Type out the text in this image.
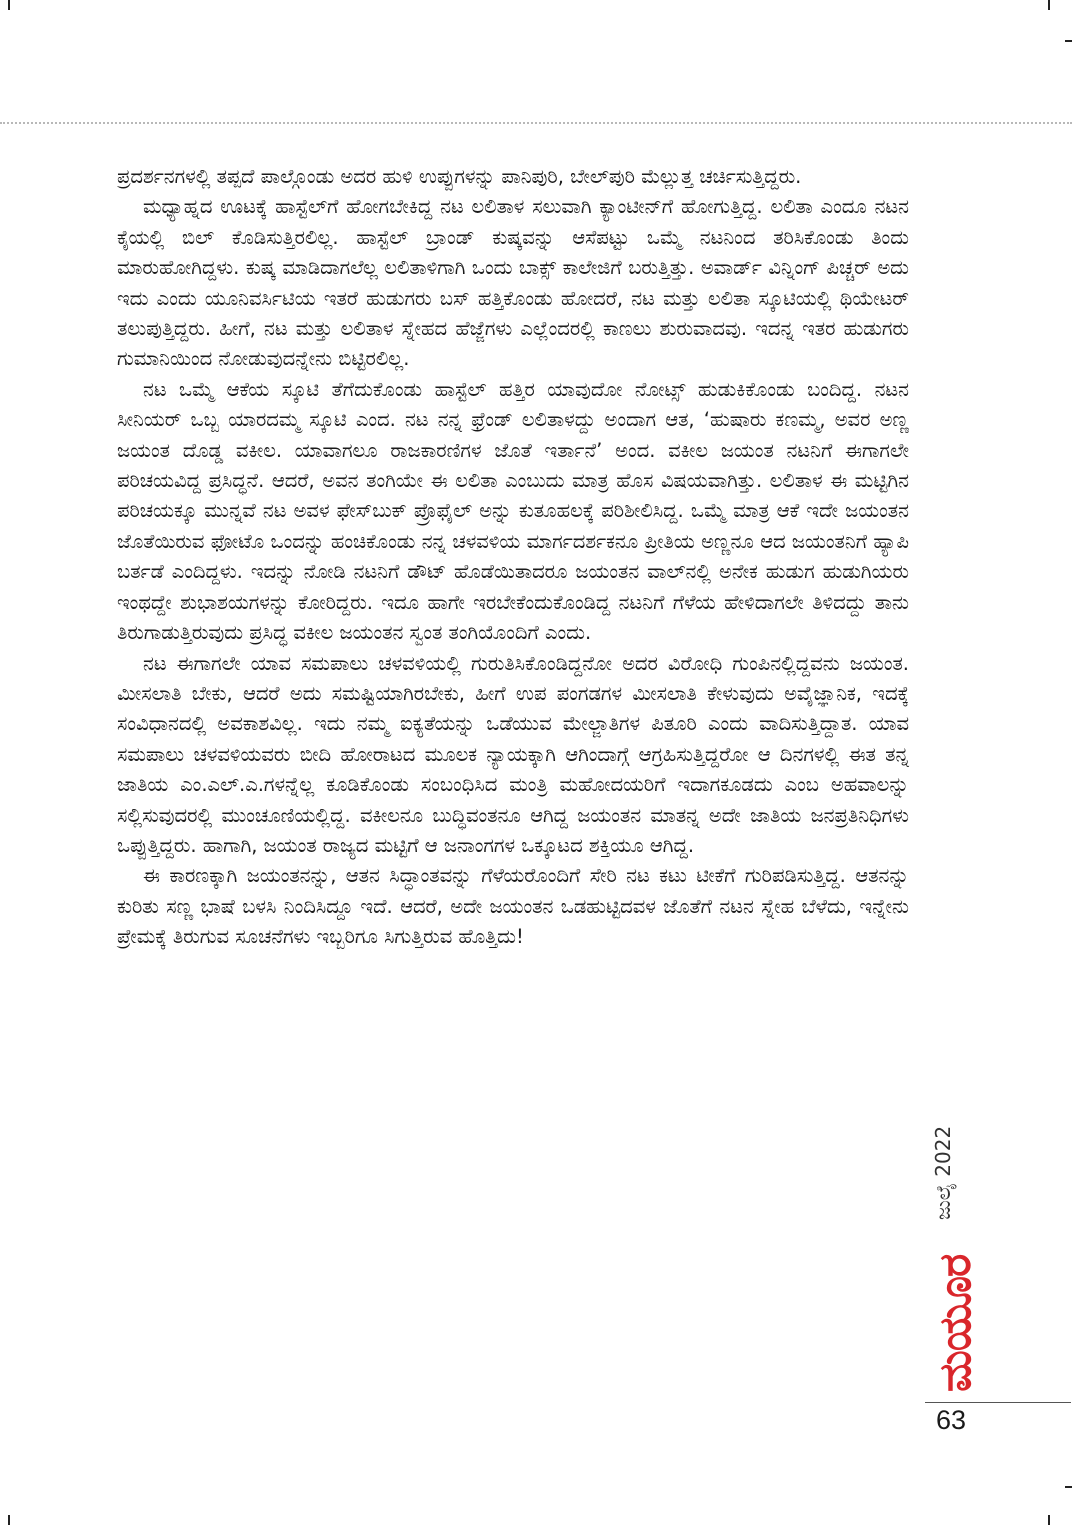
ಪ್ರದರ್ಶನಗಳಲ್ಲಿ ತಪ್ಪದೆ ಪಾಲ್ಗೊಂಡು ಅದರ ಹುಳಿ ಉಪ್ಪುಗಳನ್ನು ಪಾನಿಪುರಿ, ಬೇಲ್‌ಪುರಿ ಮೆಲ್ಲುತ್ತ ಚರ್ಚಿಸುತ್ತಿದ್ದರು.

ಮಧ್ಯಾಹ್ನದ ಊಟಕ್ಕೆ ಹಾಸ್ಟೆಲ್‌ಗೆ ಹೋಗಬೇಕಿದ್ದ ನಟ ಲಲಿತಾಳ ಸಲುವಾಗಿ ಕ್ಯಾಂಟೀನ್‌ಗೆ ಹೋಗುತ್ತಿದ್ದ. ಲಲಿತಾ ಎಂದೂ ನಟನ ಕೈಯಲ್ಲಿ ಬಿಲ್ ಕೊಡಿಸುತ್ತಿರಲಿಲ್ಲ. ಹಾಸ್ಟೆಲ್ ಬ್ರಾಂಡ್ ಕುಷ್ಕವನ್ನು ಆಸೆಪಟ್ಟು ಒಮ್ಮೆ ನಟನಿಂದ ತರಿಸಿಕೊಂಡು ತಿಂದು ಮಾರುಹೋಗಿದ್ದಳು. ಕುಷ್ಕ ಮಾಡಿದಾಗಲೆಲ್ಲ ಲಲಿತಾಳಿಗಾಗಿ ಒಂದು ಬಾಕ್ಸ್ ಕಾಲೇಜಿಗೆ ಬರುತ್ತಿತ್ತು. ಅವಾರ್ಡ್ ವಿನ್ನಿಂಗ್ ಪಿಚ್ಚರ್ ಅದು ಇದು ಎಂದು ಯೂನಿವರ್ಸಿಟಿಯ ಇತರೆ ಹುಡುಗರು ಬಸ್ ಹತ್ತಿಕೊಂಡು ಹೋದರೆ, ನಟ ಮತ್ತು ಲಲಿತಾ ಸ್ಕೂಟಿಯಲ್ಲಿ ಥಿಯೇಟರ್ ತಲುಪುತ್ತಿದ್ದರು. ಹೀಗೆ, ನಟ ಮತ್ತು ಲಲಿತಾಳ ಸ್ನೇಹದ ಹೆಜ್ಜೆಗಳು ಎಲ್ಲೆಂದರಲ್ಲಿ ಕಾಣಲು ಶುರುವಾದವು. ಇದನ್ನ ಇತರ ಹುಡುಗರು ಗುಮಾನಿಯಿಂದ ನೋಡುವುದನ್ನೇನು ಬಿಟ್ಟಿರಲಿಲ್ಲ.

ನಟ ಒಮ್ಮೆ ಆಕೆಯ ಸ್ಕೂಟಿ ತೆಗೆದುಕೊಂಡು ಹಾಸ್ಟೆಲ್ ಹತ್ತಿರ ಯಾವುದೋ ನೋಟ್ಸ್ ಹುಡುಕಿಕೊಂಡು ಬಂದಿದ್ದ. ನಟನ ಸೀನಿಯರ್ ಒಬ್ಬ ಯಾರದಮ್ಮ ಸ್ಕೂಟಿ ಎಂದ. ನಟ ನನ್ನ ಫ್ರೆಂಡ್ ಲಲಿತಾಳದ್ದು ಅಂದಾಗ ಆತ, ‘ಹುಷಾರು ಕಣಮ್ಮ, ಅವರ ಅಣ್ಣ ಜಯಂತ ದೊಡ್ಡ ವಕೀಲ. ಯಾವಾಗಲೂ ರಾಜಕಾರಣಿಗಳ ಜೊತೆ ಇರ್ತಾನೆ’ ಅಂದ. ವಕೀಲ ಜಯಂತ ನಟನಿಗೆ ಈಗಾಗಲೇ ಪರಿಚಯವಿದ್ದ ಪ್ರಸಿದ್ಧನೆ. ಆದರೆ, ಅವನ ತಂಗಿಯೇ ಈ ಲಲಿತಾ ಎಂಬುದು ಮಾತ್ರ ಹೊಸ ವಿಷಯವಾಗಿತ್ತು. ಲಲಿತಾಳ ಈ ಮಟ್ಟಿಗಿನ ಪರಿಚಯಕ್ಕೂ ಮುನ್ನವೆ ನಟ ಅವಳ ಫೇಸ್‌ಬುಕ್ ಪ್ರೊಫೈಲ್ ಅನ್ನು ಕುತೂಹಲಕ್ಕೆ ಪರಿಶೀಲಿಸಿದ್ದ. ಒಮ್ಮೆ ಮಾತ್ರ ಆಕೆ ಇದೇ ಜಯಂತನ ಜೊತೆಯಿರುವ ಫೋಟೊ ಒಂದನ್ನು ಹಂಚಿಕೊಂಡು ನನ್ನ ಚಳವಳಿಯ ಮಾರ್ಗದರ್ಶಕನೂ ಪ್ರೀತಿಯ ಅಣ್ಣನೂ ಆದ ಜಯಂತನಿಗೆ ಹ್ಯಾಪಿ ಬರ್ತಡೆ ಎಂದಿದ್ದಳು. ಇದನ್ನು ನೋಡಿ ನಟನಿಗೆ ಡೌಟ್ ಹೊಡೆಯಿತಾದರೂ ಜಯಂತನ ವಾಲ್‌ನಲ್ಲಿ ಅನೇಕ ಹುಡುಗ ಹುಡುಗಿಯರು ಇಂಥದ್ದೇ ಶುಭಾಶಯಗಳನ್ನು ಕೋರಿದ್ದರು. ಇದೂ ಹಾಗೇ ಇರಬೇಕೆಂದುಕೊಂಡಿದ್ದ ನಟನಿಗೆ ಗೆಳೆಯ ಹೇಳಿದಾಗಲೇ ತಿಳಿದದ್ದು ತಾನು ತಿರುಗಾಡುತ್ತಿರುವುದು ಪ್ರಸಿದ್ಧ ವಕೀಲ ಜಯಂತನ ಸ್ವಂತ ತಂಗಿಯೊಂದಿಗೆ ಎಂದು.

ನಟ ಈಗಾಗಲೇ ಯಾವ ಸಮಪಾಲು ಚಳವಳಿಯಲ್ಲಿ ಗುರುತಿಸಿಕೊಂಡಿದ್ದನೋ ಅದರ ವಿರೋಧಿ ಗುಂಪಿನಲ್ಲಿದ್ದವನು ಜಯಂತ. ಮೀಸಲಾತಿ ಬೇಕು, ಆದರೆ ಅದು ಸಮಷ್ಟಿಯಾಗಿರಬೇಕು, ಹೀಗೆ ಉಪ ಪಂಗಡಗಳ ಮೀಸಲಾತಿ ಕೇಳುವುದು ಅವೈಜ್ಞಾನಿಕ, ಇದಕ್ಕೆ ಸಂವಿಧಾನದಲ್ಲಿ ಅವಕಾಶವಿಲ್ಲ. ಇದು ನಮ್ಮ ಐಕ್ಯತೆಯನ್ನು ಒಡೆಯುವ ಮೇಲ್ಜಾತಿಗಳ ಪಿತೂರಿ ಎಂದು ವಾದಿಸುತ್ತಿದ್ದಾತ. ಯಾವ ಸಮಪಾಲು ಚಳವಳಿಯವರು ಬೀದಿ ಹೋರಾಟದ ಮೂಲಕ ನ್ಯಾಯಕ್ಕಾಗಿ ಆಗಿಂದಾಗ್ಗೆ ಆಗ್ರಹಿಸುತ್ತಿದ್ದರೋ ಆ ದಿನಗಳಲ್ಲಿ ಈತ ತನ್ನ ಜಾತಿಯ ಎಂ.ಎಲ್.ಎ.ಗಳನ್ನೆಲ್ಲ ಕೂಡಿಕೊಂಡು ಸಂಬಂಧಿಸಿದ ಮಂತ್ರಿ ಮಹೋದಯರಿಗೆ ಇದಾಗಕೂಡದು ಎಂಬ ಅಹವಾಲನ್ನು ಸಲ್ಲಿಸುವುದರಲ್ಲಿ ಮುಂಚೂಣಿಯಲ್ಲಿದ್ದ. ವಕೀಲನೂ ಬುದ್ಧಿವಂತನೂ ಆಗಿದ್ದ ಜಯಂತನ ಮಾತನ್ನ ಅದೇ ಜಾತಿಯ ಜನಪ್ರತಿನಿಧಿಗಳು ಒಪ್ಪುತ್ತಿದ್ದರು. ಹಾಗಾಗಿ, ಜಯಂತ ರಾಜ್ಯದ ಮಟ್ಟಿಗೆ ಆ ಜನಾಂಗಗಳ ಒಕ್ಕೂಟದ ಶಕ್ತಿಯೂ ಆಗಿದ್ದ.

ಈ ಕಾರಣಕ್ಕಾಗಿ ಜಯಂತನನ್ನು, ಆತನ ಸಿದ್ಧಾಂತವನ್ನು ಗೆಳೆಯರೊಂದಿಗೆ ಸೇರಿ ನಟ ಕಟು ಟೀಕೆಗೆ ಗುರಿಪಡಿಸುತ್ತಿದ್ದ. ಆತನನ್ನು ಕುರಿತು ಸಣ್ಣ ಭಾಷೆ ಬಳಸಿ ನಿಂದಿಸಿದ್ದೂ ಇದೆ. ಆದರೆ, ಅದೇ ಜಯಂತನ ಒಡಹುಟ್ಟಿದವಳ ಜೊತೆಗೆ ನಟನ ಸ್ನೇಹ ಬೆಳೆದು, ಇನ್ನೇನು ಪ್ರೇಮಕ್ಕೆ ತಿರುಗುವ ಸೂಚನೆಗಳು ಇಬ್ಬರಿಗೂ ಸಿಗುತ್ತಿರುವ ಹೊತ್ತಿದು!

ಜುಲೈ 2022
ಮಯೂರ
63
